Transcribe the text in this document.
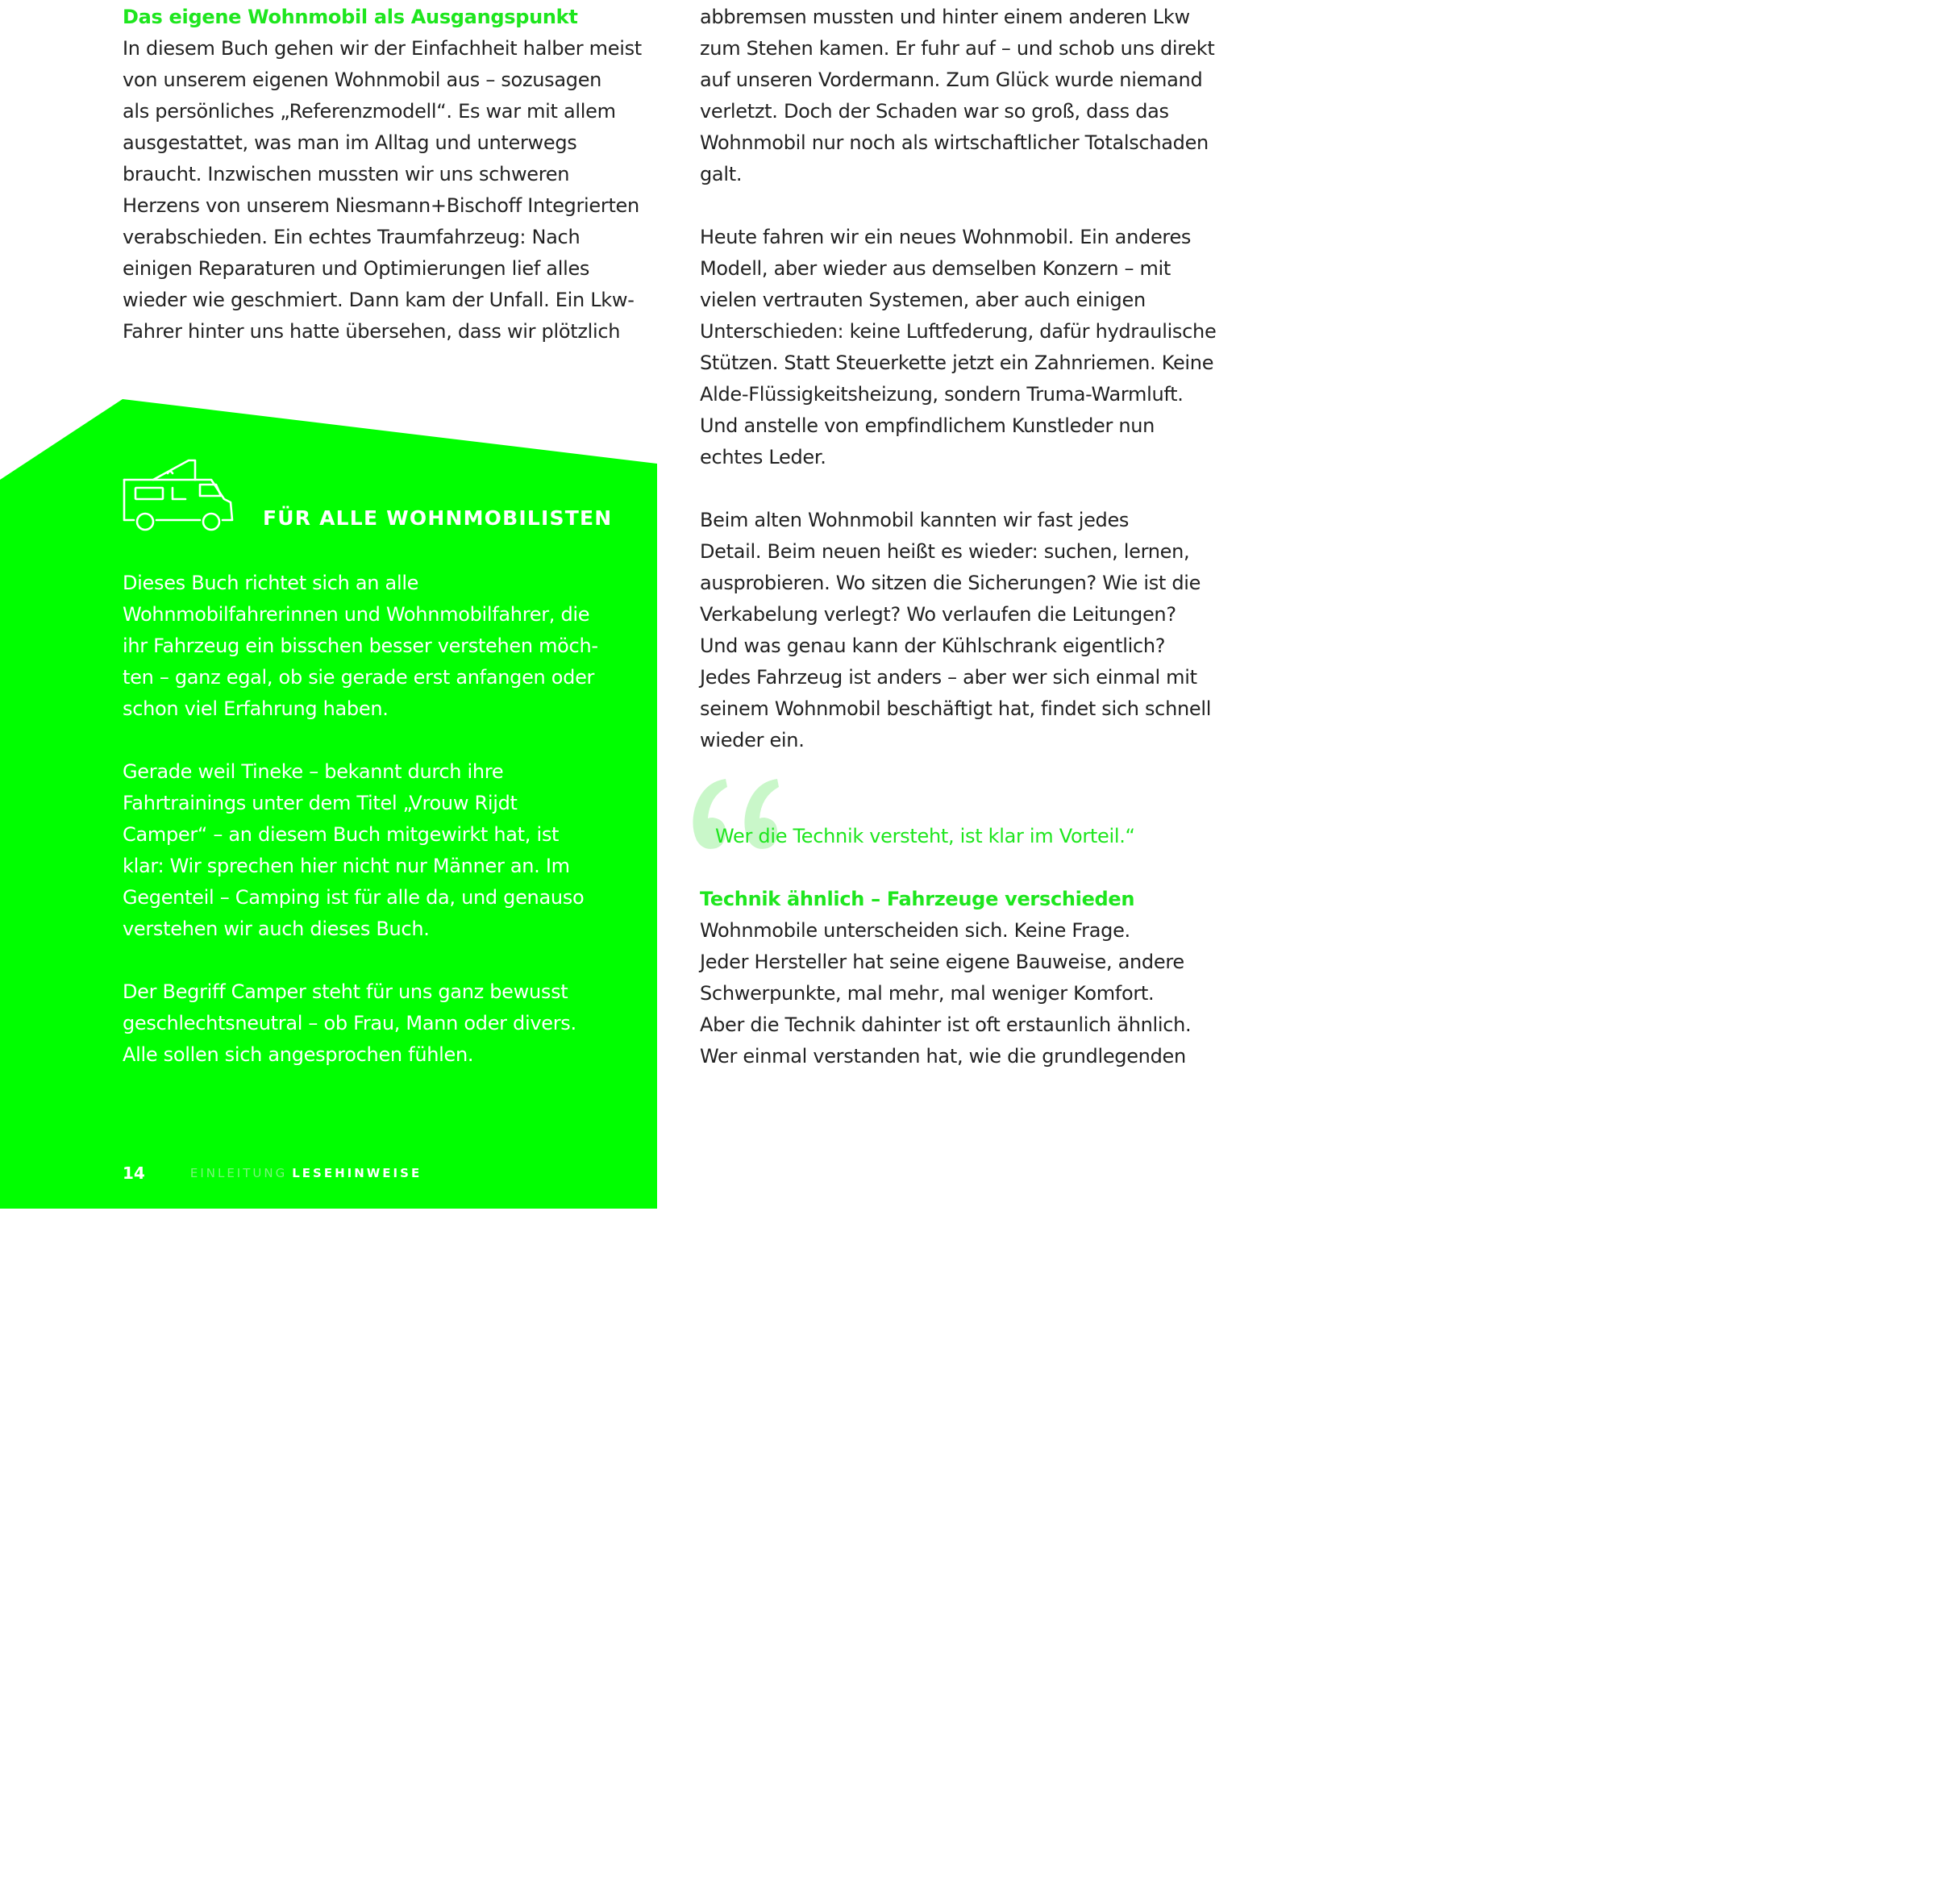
Das eigene Wohnmobil als Ausgangspunkt

In diesem Buch gehen wir der Einfachheit halber meist
von unserem eigenen Wohnmobil aus – sozusagen
als persönliches „Referenzmodell“. Es war mit allem
ausgestattet, was man im Alltag und unterwegs
braucht. Inzwischen mussten wir uns schweren
Herzens von unserem Niesmann+Bischoff Integrierten
verabschieden. Ein echtes Traumfahrzeug: Nach
einigen Reparaturen und Optimierungen lief alles
wieder wie geschmiert. Dann kam der Unfall. Ein Lkw-
Fahrer hinter uns hatte übersehen, dass wir plötzlich

FÜR ALLE WOHNMOBILISTEN

Dieses Buch richtet sich an alle
Wohnmobilfahrerinnen und Wohnmobilfahrer, die
ihr Fahrzeug ein bisschen besser verstehen möch-
ten – ganz egal, ob sie gerade erst anfangen oder
schon viel Erfahrung haben.

Gerade weil Tineke – bekannt durch ihre
Fahrtrainings unter dem Titel „Vrouw Rijdt
Camper“ – an diesem Buch mitgewirkt hat, ist
klar: Wir sprechen hier nicht nur Männer an. Im
Gegenteil – Camping ist für alle da, und genauso
verstehen wir auch dieses Buch.

Der Begriff Camper steht für uns ganz bewusst
geschlechtsneutral – ob Frau, Mann oder divers.
Alle sollen sich angesprochen fühlen.

14	EINLEITUNG LESEHINWEISE

abbremsen mussten und hinter einem anderen Lkw
zum Stehen kamen. Er fuhr auf – und schob uns direkt
auf unseren Vordermann. Zum Glück wurde niemand
verletzt. Doch der Schaden war so groß, dass das
Wohnmobil nur noch als wirtschaftlicher Totalschaden
galt.

Heute fahren wir ein neues Wohnmobil. Ein anderes
Modell, aber wieder aus demselben Konzern – mit
vielen vertrauten Systemen, aber auch einigen
Unterschieden: keine Luftfederung, dafür hydraulische
Stützen. Statt Steuerkette jetzt ein Zahnriemen. Keine
Alde-Flüssigkeitsheizung, sondern Truma-Warmluft.
Und anstelle von empfindlichem Kunstleder nun
echtes Leder.

Beim alten Wohnmobil kannten wir fast jedes
Detail. Beim neuen heißt es wieder: suchen, lernen,
ausprobieren. Wo sitzen die Sicherungen? Wie ist die
Verkabelung verlegt? Wo verlaufen die Leitungen?
Und was genau kann der Kühlschrank eigentlich?
Jedes Fahrzeug ist anders – aber wer sich einmal mit
seinem Wohnmobil beschäftigt hat, findet sich schnell
wieder ein.

Wer die Technik versteht, ist klar im Vorteil.“

Technik ähnlich – Fahrzeuge verschieden

Wohnmobile unterscheiden sich. Keine Frage.
Jeder Hersteller hat seine eigene Bauweise, andere
Schwerpunkte, mal mehr, mal weniger Komfort.
Aber die Technik dahinter ist oft erstaunlich ähnlich.
Wer einmal verstanden hat, wie die grundlegenden
